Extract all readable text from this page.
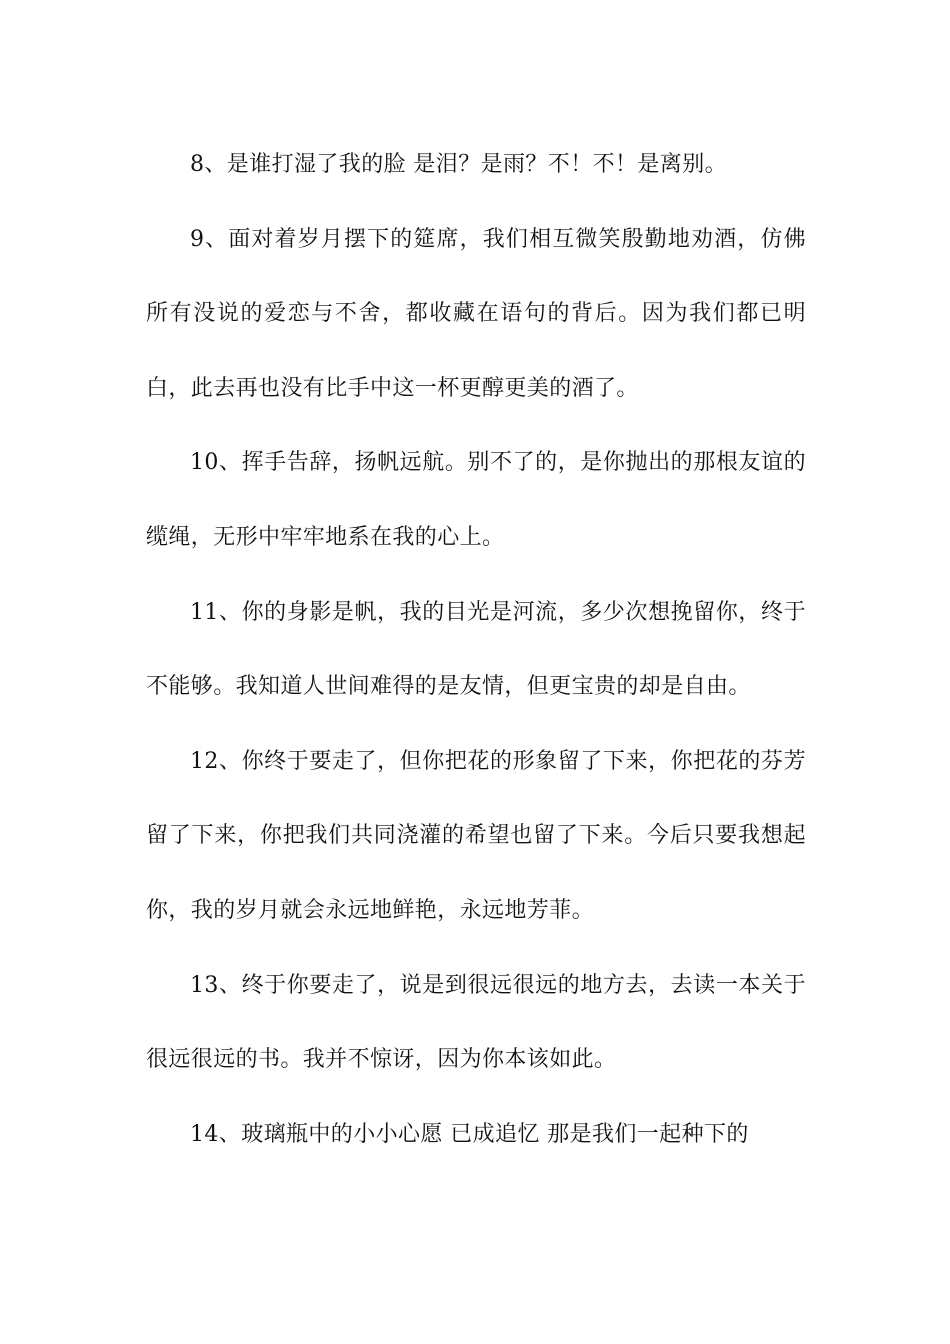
8、是谁打湿了我的脸 是泪？是雨？不！不！是离别。

9、面对着岁月摆下的筵席，我们相互微笑殷勤地劝酒，仿佛所有没说的爱恋与不舍，都收藏在语句的背后。因为我们都已明白，此去再也没有比手中这一杯更醇更美的酒了。

10、挥手告辞，扬帆远航。别不了的，是你抛出的那根友谊的缆绳，无形中牢牢地系在我的心上。

11、你的身影是帆，我的目光是河流，多少次想挽留你，终于不能够。我知道人世间难得的是友情，但更宝贵的却是自由。

12、你终于要走了，但你把花的形象留了下来，你把花的芬芳留了下来，你把我们共同浇灌的希望也留了下来。今后只要我想起你，我的岁月就会永远地鲜艳，永远地芳菲。

13、终于你要走了，说是到很远很远的地方去，去读一本关于很远很远的书。我并不惊讶，因为你本该如此。

14、玻璃瓶中的小小心愿 已成追忆 那是我们一起种下的
